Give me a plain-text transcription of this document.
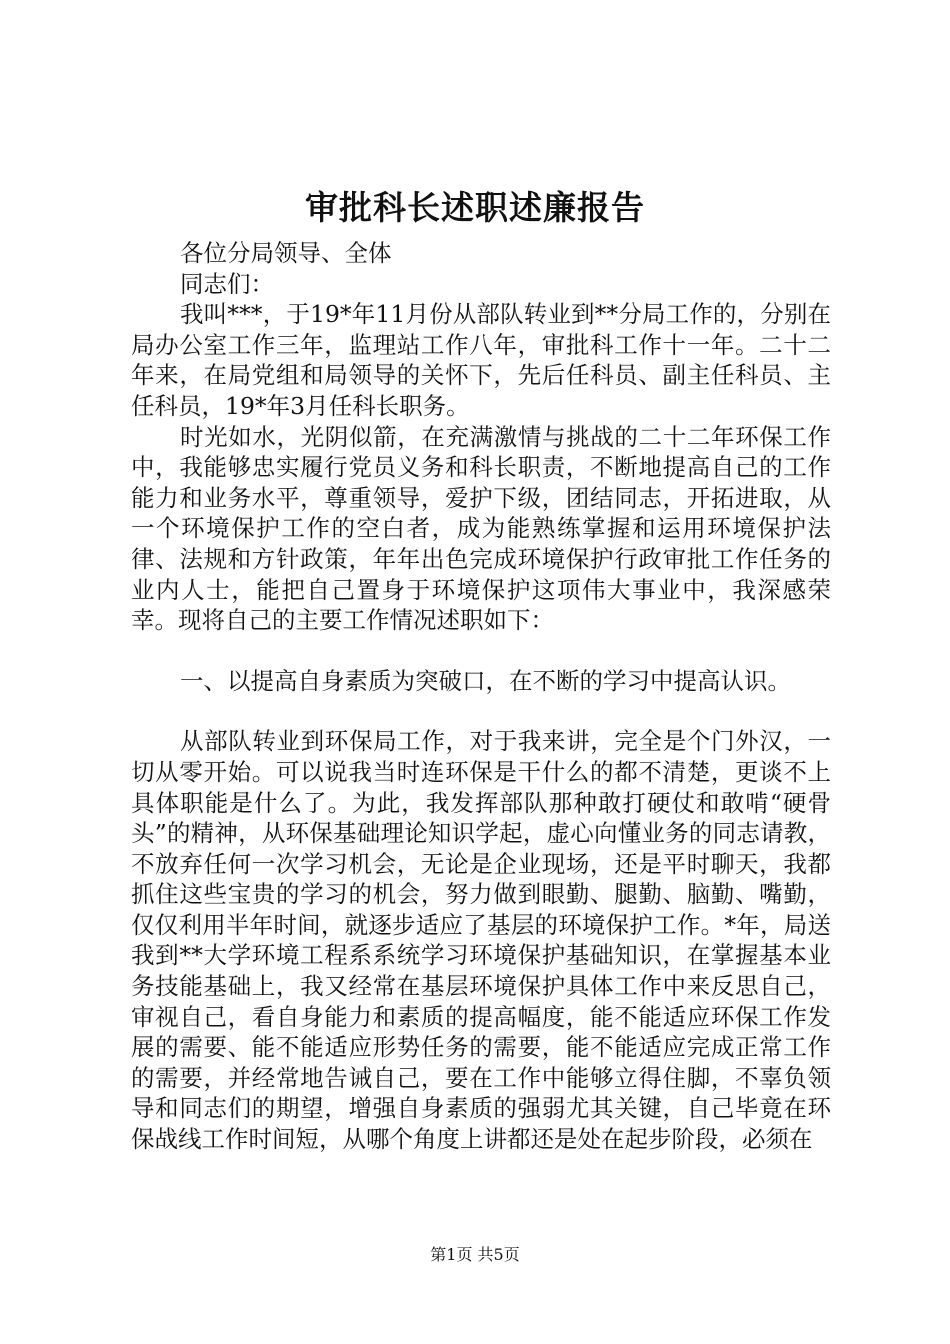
审批科长述职述廉报告

各位分局领导、全体

同志们：

我叫***，于19*年11月份从部队转业到**分局工作的，分别在局办公室工作三年，监理站工作八年，审批科工作十一年。二十二年来，在局党组和局领导的关怀下，先后任科员、副主任科员、主任科员，19*年3月任科长职务。

时光如水，光阴似箭，在充满激情与挑战的二十二年环保工作中，我能够忠实履行党员义务和科长职责，不断地提高自己的工作能力和业务水平，尊重领导，爱护下级，团结同志，开拓进取，从一个环境保护工作的空白者，成为能熟练掌握和运用环境保护法律、法规和方针政策，年年出色完成环境保护行政审批工作任务的业内人士，能把自己置身于环境保护这项伟大事业中，我深感荣幸。现将自己的主要工作情况述职如下：

一、以提高自身素质为突破口，在不断的学习中提高认识。

从部队转业到环保局工作，对于我来讲，完全是个门外汉，一切从零开始。可以说我当时连环保是干什么的都不清楚，更谈不上具体职能是什么了。为此，我发挥部队那种敢打硬仗和敢啃“硬骨头”的精神，从环保基础理论知识学起，虚心向懂业务的同志请教，不放弃任何一次学习机会，无论是企业现场，还是平时聊天，我都抓住这些宝贵的学习的机会，努力做到眼勤、腿勤、脑勤、嘴勤，仅仅利用半年时间，就逐步适应了基层的环境保护工作。*年，局送我到**大学环境工程系系统学习环境保护基础知识，在掌握基本业务技能基础上，我又经常在基层环境保护具体工作中来反思自己，审视自己，看自身能力和素质的提高幅度，能不能适应环保工作发展的需要、能不能适应形势任务的需要，能不能适应完成正常工作的需要，并经常地告诫自己，要在工作中能够立得住脚，不辜负领导和同志们的期望，增强自身素质的强弱尤其关键，自己毕竟在环保战线工作时间短，从哪个角度上讲都还是处在起步阶段，必须在

第1页 共5页
